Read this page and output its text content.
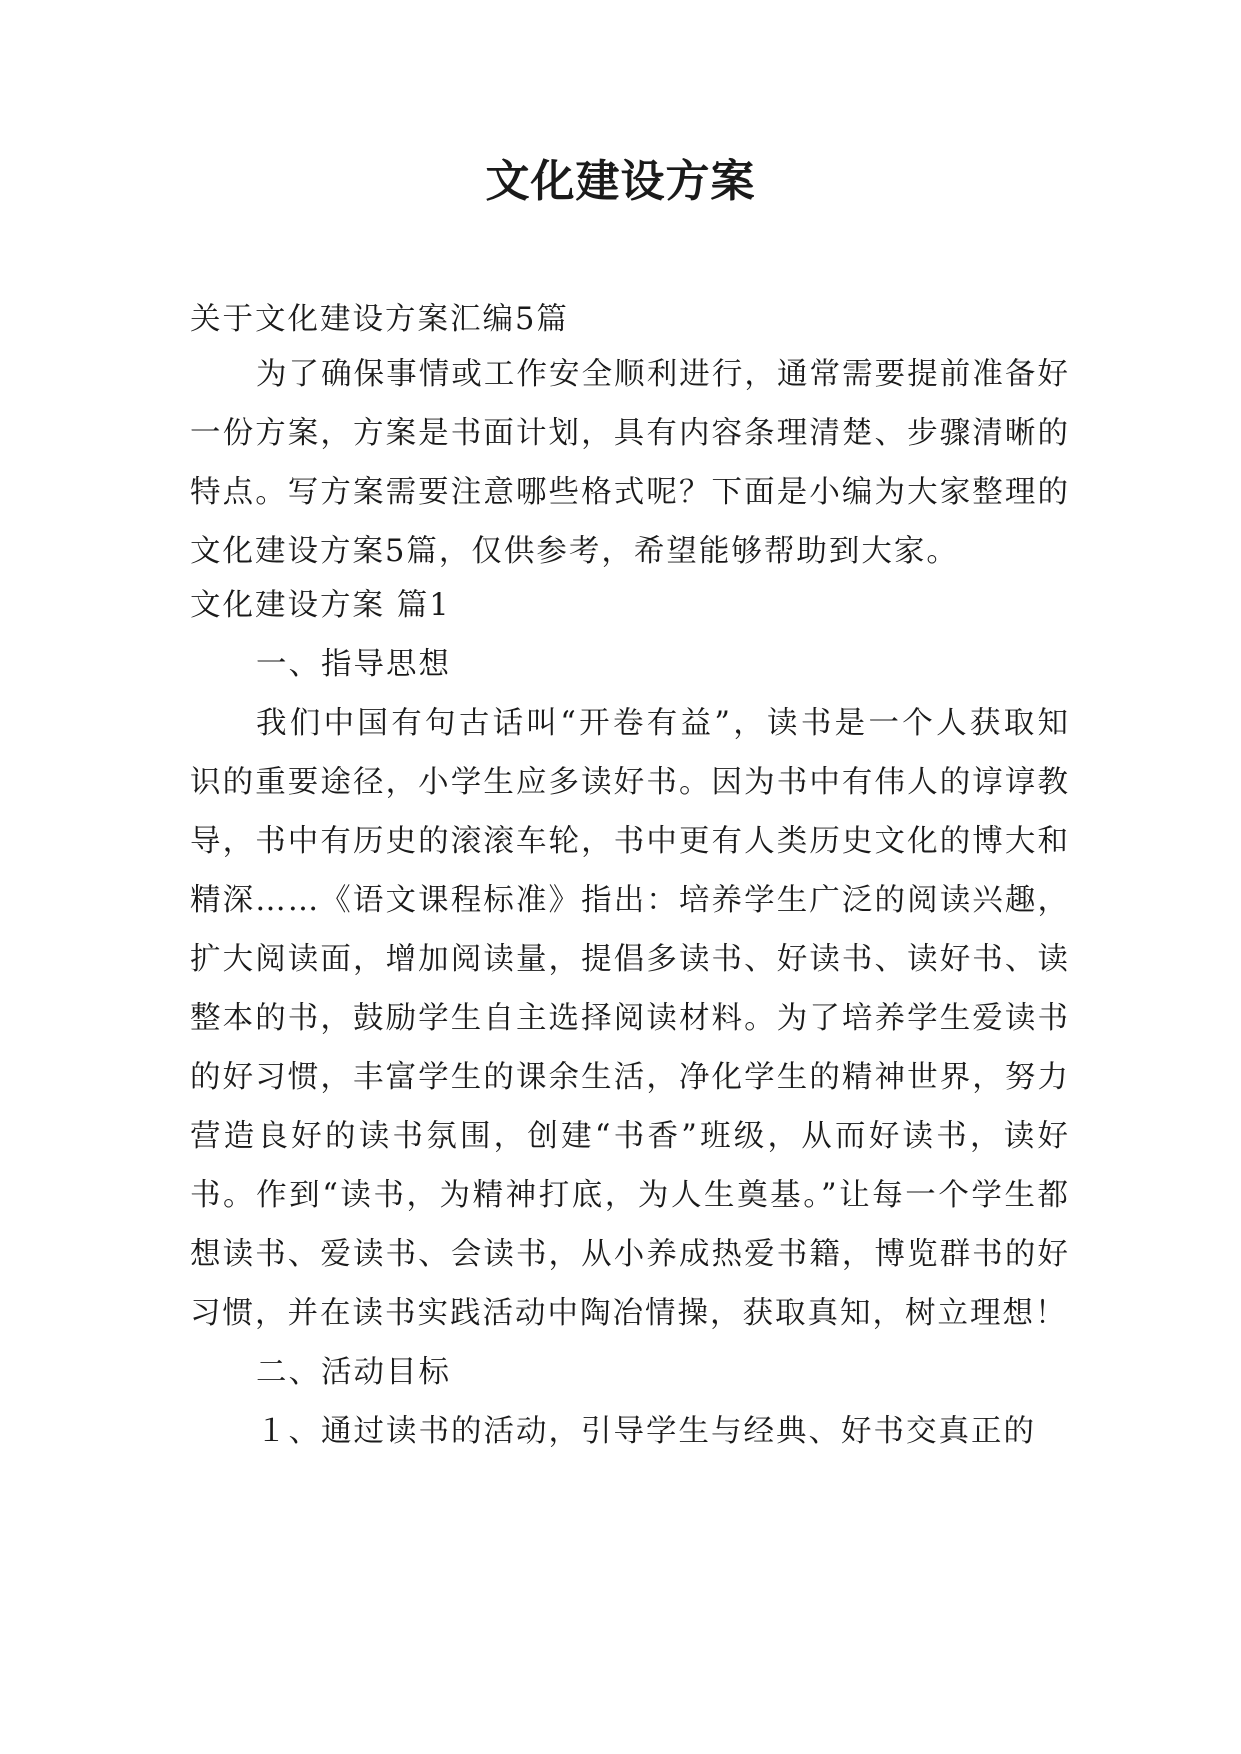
文化建设方案

关于文化建设方案汇编5篇

为了确保事情或工作安全顺利进行，通常需要提前准备好一份方案，方案是书面计划，具有内容条理清楚、步骤清晰的特点。写方案需要注意哪些格式呢？下面是小编为大家整理的文化建设方案5篇，仅供参考，希望能够帮助到大家。

文化建设方案 篇1

一、指导思想

我们中国有句古话叫“开卷有益”，读书是一个人获取知识的重要途径，小学生应多读好书。因为书中有伟人的谆谆教导，书中有历史的滚滚车轮，书中更有人类历史文化的博大和精深……《语文课程标准》指出：培养学生广泛的阅读兴趣，扩大阅读面，增加阅读量，提倡多读书、好读书、读好书、读整本的书，鼓励学生自主选择阅读材料。为了培养学生爱读书的好习惯，丰富学生的课余生活，净化学生的精神世界，努力营造良好的读书氛围，创建“书香”班级，从而好读书，读好书。作到“读书，为精神打底，为人生奠基。”让每一个学生都想读书、爱读书、会读书，从小养成热爱书籍，博览群书的好习惯，并在读书实践活动中陶冶情操，获取真知，树立理想！

二、活动目标

１、通过读书的活动，引导学生与经典、好书交真正的
